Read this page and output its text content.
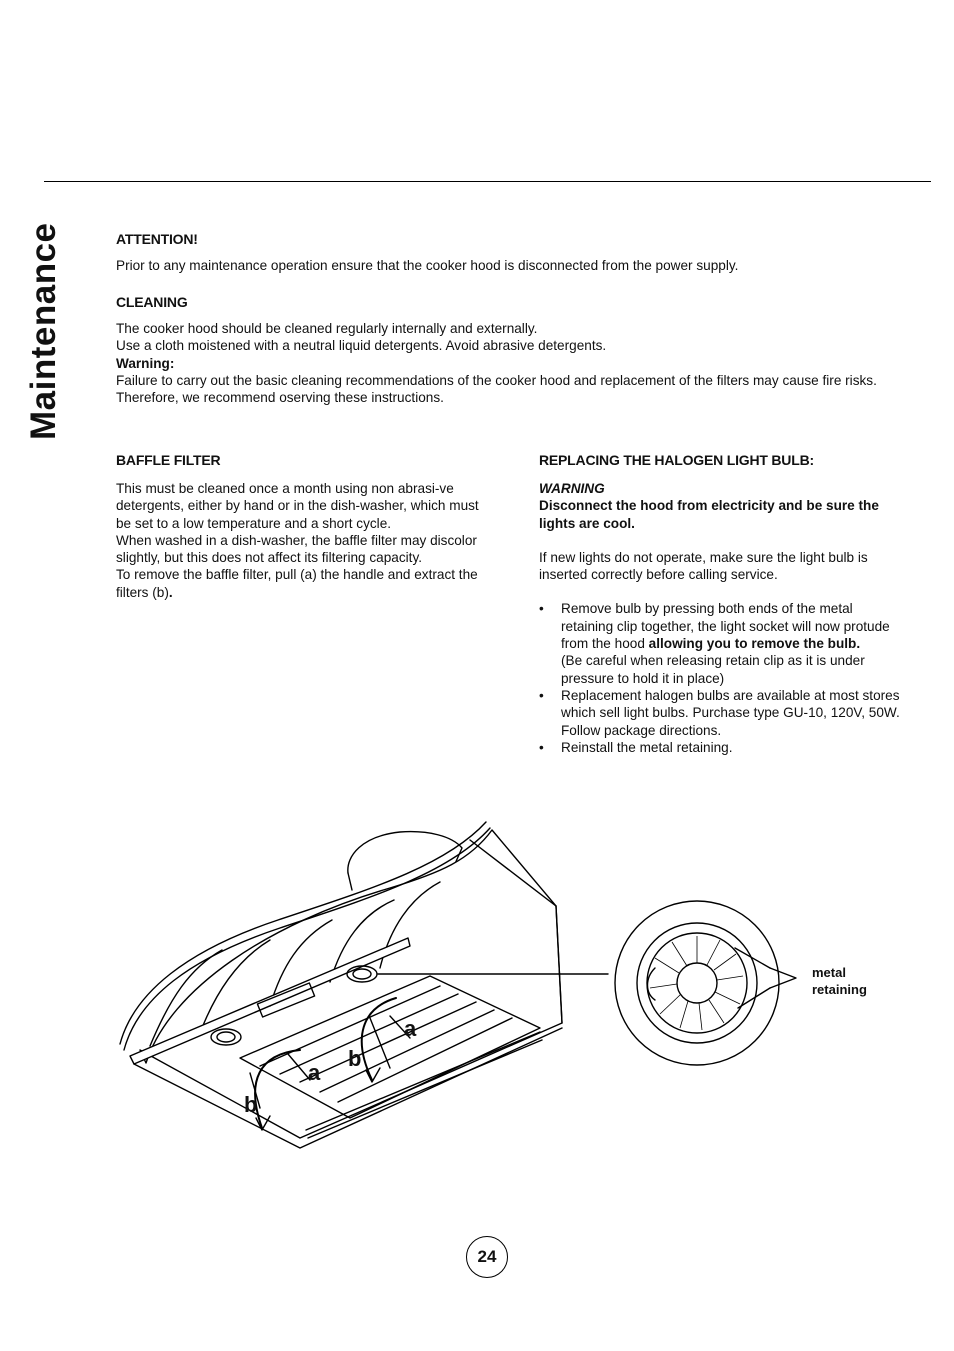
Maintenance	ATTENTION!

Prior to any maintenance operation ensure that the cooker hood is disconnected from the power supply.

CLEANING

The cooker hood should be cleaned regularly internally and externally.

Use a cloth moistened with a neutral liquid detergents. Avoid abrasive detergents.

Warning:

Failure to carry out the basic cleaning recommendations of the cooker hood and replacement of the filters may cause fire risks.

Therefore, we recommend oserving these instructions.

BAFFLE FILTER

This must be cleaned once a month using non abrasi-ve detergents, either by hand or in the dish-washer, which must be set to a low temperature and a short cycle.

When washed in a dish-washer, the baffle filter may discolor slightly, but this does not affect its filtering capacity.

To remove the baffle filter, pull (a) the handle and extract the filters (b).

REPLACING THE HALOGEN LIGHT BULB:

WARNING

Disconnect the hood from electricity and be sure the lights are cool.

If new lights do not operate, make sure the light bulb is inserted correctly before calling service.

• Remove bulb by pressing both ends of the metal retaining clip together, the light socket will now protude from the hood allowing you to remove the bulb.
(Be careful when releasing retain clip as it is under pressure to hold it in place)
• Replacement halogen bulbs are available at most stores which sell light bulbs. Purchase type GU-10, 120V, 50W. Follow package directions.
• Reinstall the metal retaining.
a
b
a
b
metal
retaining
24
